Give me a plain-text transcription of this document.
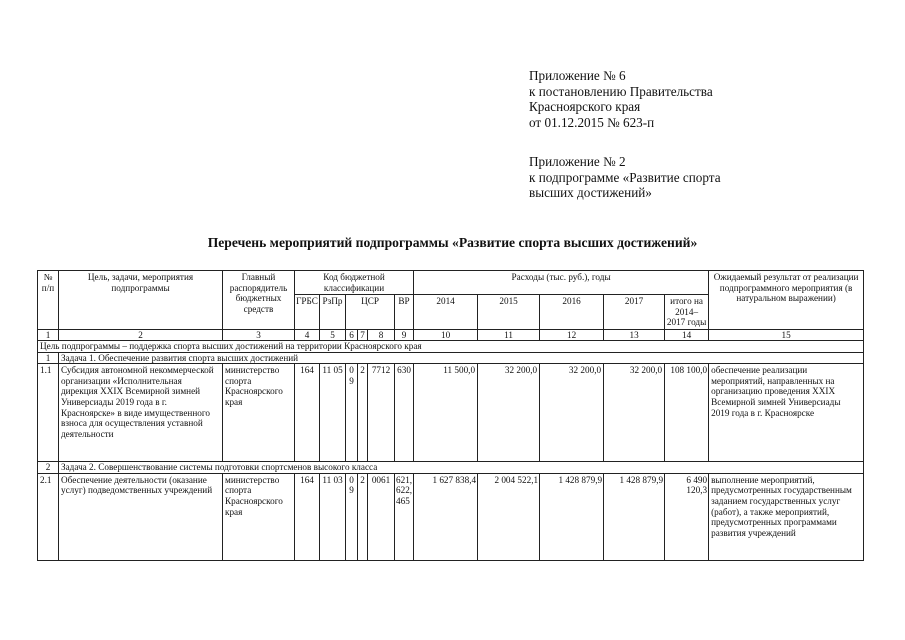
Приложение № 6
к постановлению Правительства
Красноярского края
от 01.12.2015 № 623-п
Приложение № 2
к подпрограмме «Развитие спорта
высших достижений»
Перечень мероприятий подпрограммы «Развитие спорта высших достижений»
№ п/п	Цель, задачи, мероприятия подпрограммы	Главный распорядитель бюджетных средств	Код бюджетной классификации						Расходы (тыс. руб.), годы					Ожидаемый результат от реализации подпрограммного мероприятия (в натуральном выражении)
			ГРБС	РзПр	ЦСР			ВР	2014	2015	2016	2017	итого на 2014–2017 годы	
1	2	3	4	5	6	7	8	9	10	11	12	13	14	15
Цель подпрограммы – поддержка спорта высших достижений на территории Красноярского края														
1	Задача 1. Обеспечение развития спорта высших достижений													
1.1	Субсидия автономной некоммерческой организации «Исполнительная дирекция XXIX Всемирной зимней Универсиады 2019 года в г. Красноярске» в виде имущественного взноса для осуществления уставной деятельности	министерство спорта Красноярского края	164	11 05	09	2	7712	630	11 500,0	32 200,0	32 200,0	32 200,0	108 100,0	обеспечение реализации мероприятий, направленных на организацию проведения XXIX Всемирной зимней Универсиады 2019 года в г. Красноярске
2	Задача 2. Совершенствование системы подготовки спортсменов высокого класса													
2.1	Обеспечение деятельности (оказание услуг) подведомственных учреждений	министерство спорта Красноярского края	164	11 03	09	2	0061	621, 622, 465	1 627 838,4	2 004 522,1	1 428 879,9	1 428 879,9	6 490 120,3	выполнение мероприятий, предусмотренных государственным заданием государственных услуг (работ), а также мероприятий, предусмотренных программами развития учреждений
